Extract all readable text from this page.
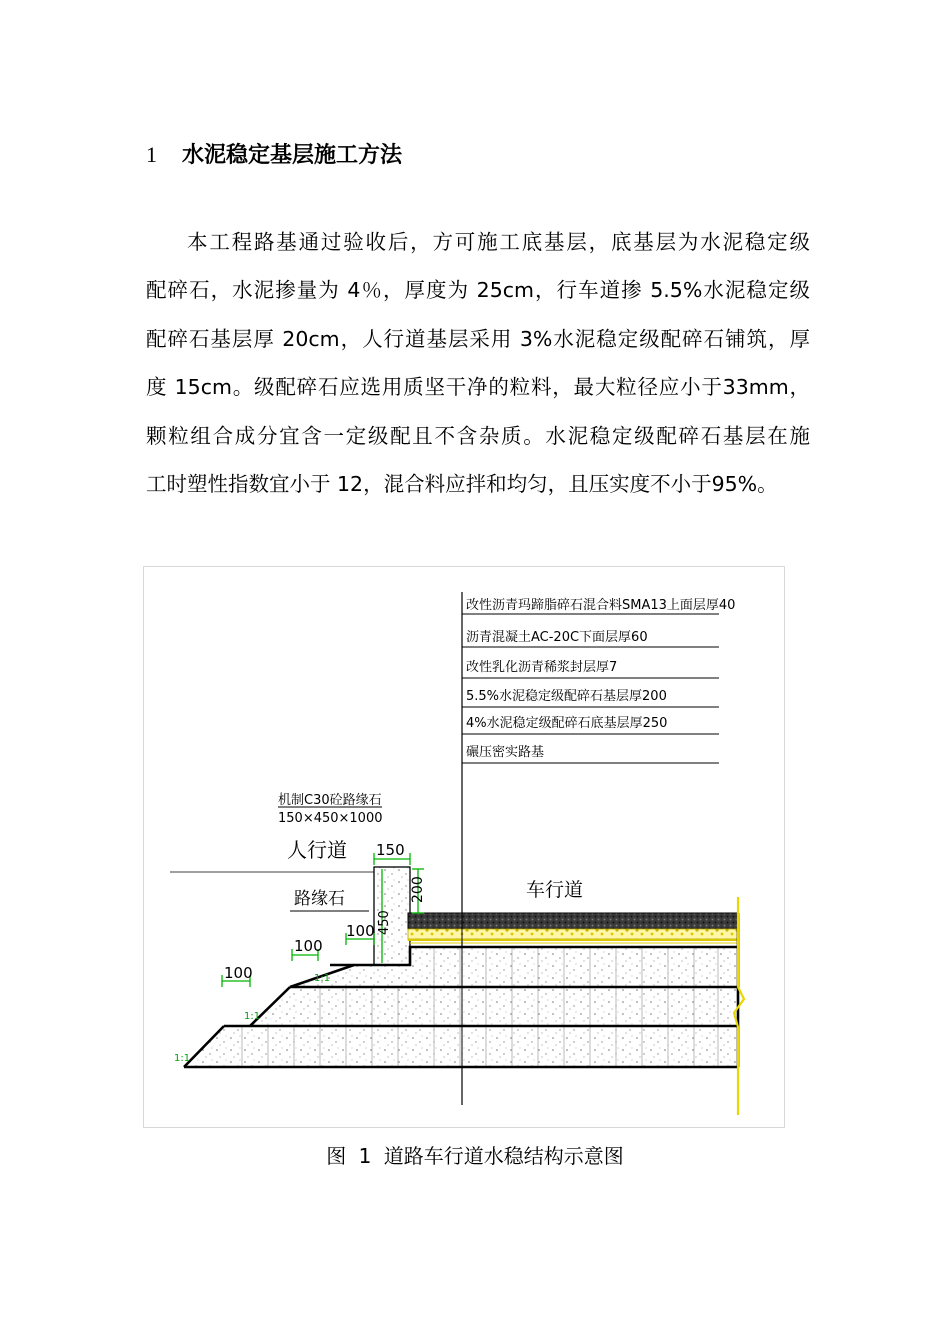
1 水泥稳定基层施工方法
本工程路基通过验收后，方可施工底基层，底基层为水泥稳定级
配碎石，水泥掺量为 4％，厚度为 25cm，行车道掺 5.5%水泥稳定级
配碎石基层厚 20cm，人行道基层采用 3%水泥稳定级配碎石铺筑，厚
度 15cm。级配碎石应选用质坚干净的粒料，最大粒径应小于33mm，
颗粒组合成分宜含一定级配且不含杂质。水泥稳定级配碎石基层在施
工时塑性指数宜小于 12，混合料应拌和均匀，且压实度不小于95%。
改性沥青玛蹄脂碎石混合料SMA13上面层厚40
沥青混凝土AC-20C下面层厚60
改性乳化沥青稀浆封层厚7
5.5%水泥稳定级配碎石基层厚200
4%水泥稳定级配碎石底基层厚250
碾压密实路基
机制C30砼路缘石
150×450×1000
人行道
路缘石
150
200
450
100
100
100	1:1
1:1
1:1
车行道
图 1 道路车行道水稳结构示意图
